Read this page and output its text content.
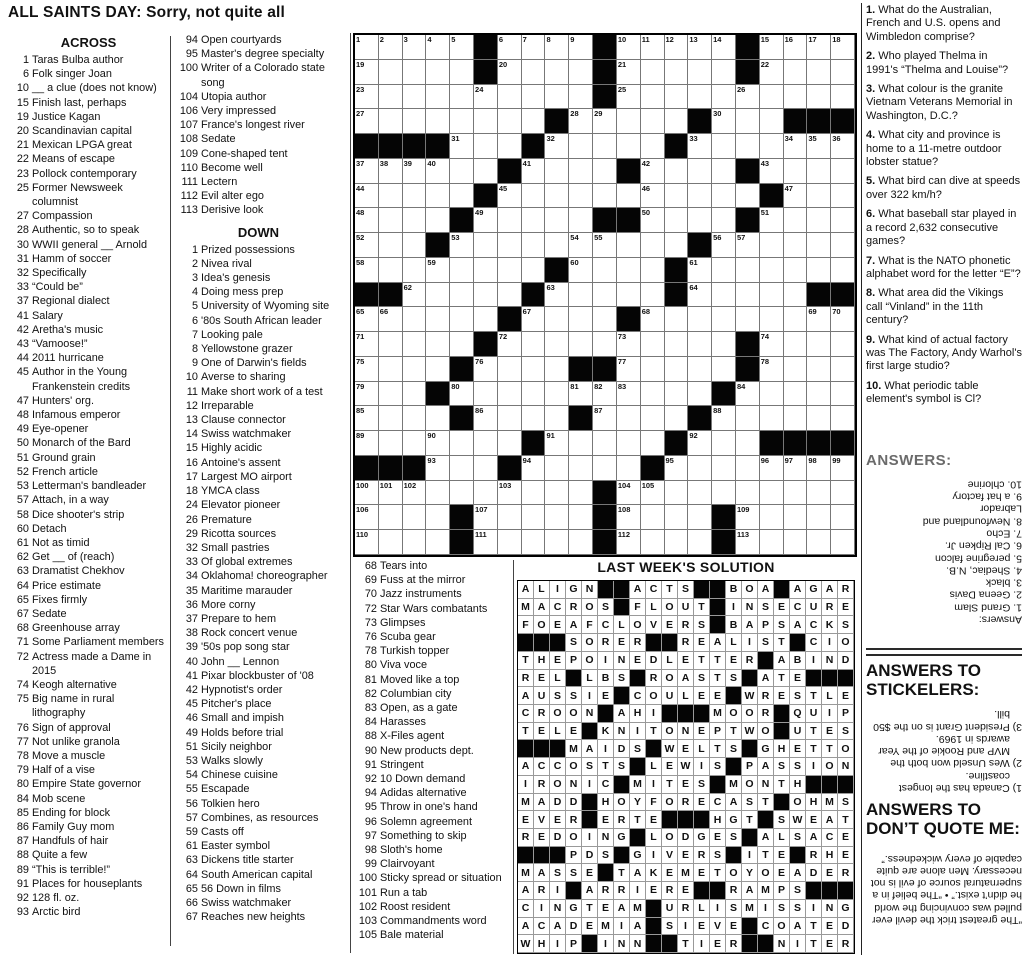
ALL SAINTS DAY: Sorry, not quite all
ACROSS
1 Taras Bulba author
6 Folk singer Joan
10 __ a clue (does not know)
15 Finish last, perhaps
19 Justice Kagan
20 Scandinavian capital
21 Mexican LPGA great
22 Means of escape
23 Pollock contemporary
25 Former Newsweek columnist
27 Compassion
28 Authentic, so to speak
30 WWII general __ Arnold
31 Hamm of soccer
32 Specifically
33 “Could be”
37 Regional dialect
41 Salary
42 Aretha's music
43 “Vamoose!”
44 2011 hurricane
45 Author in the Young Frankenstein credits
47 Hunters' org.
48 Infamous emperor
49 Eye-opener
50 Monarch of the Bard
51 Ground grain
52 French article
53 Letterman's bandleader
57 Attach, in a way
58 Dice shooter's strip
60 Detach
61 Not as timid
62 Get __ of (reach)
63 Dramatist Chekhov
64 Price estimate
65 Fixes firmly
67 Sedate
68 Greenhouse array
71 Some Parliament members
72 Actress made a Dame in 2015
74 Keogh alternative
75 Big name in rural lithography
76 Sign of approval
77 Not unlike granola
78 Move a muscle
79 Half of a vise
80 Empire State governor
84 Mob scene
85 Ending for block
86 Family Guy mom
87 Handfuls of hair
88 Quite a few
89 “This is terrible!”
91 Places for houseplants
92 128 fl. oz.
93 Arctic bird
94 Open courtyards
95 Master's degree specialty
100 Writer of a Colorado state song
104 Utopia author
106 Very impressed
107 France's longest river
108 Sedate
109 Cone-shaped tent
110 Become well
111 Lectern
112 Evil alter ego
113 Derisive look
DOWN
1 Prized possessions
2 Nivea rival
3 Idea's genesis
4 Doing mess prep
5 University of Wyoming site
6 '80s South African leader
7 Looking pale
8 Yellowstone grazer
9 One of Darwin's fields
10 Averse to sharing
11 Make short work of a test
12 Irreparable
13 Clause connector
14 Swiss watchmaker
15 Highly acidic
16 Antoine's assent
17 Largest MO airport
18 YMCA class
24 Elevator pioneer
26 Premature
29 Ricotta sources
32 Small pastries
33 Of global extremes
34 Oklahoma! choreographer
35 Maritime marauder
36 More corny
37 Prepare to hem
38 Rock concert venue
39 '50s pop song star
40 John __ Lennon
41 Pixar blockbuster of '08
42 Hypnotist's order
45 Pitcher's place
46 Small and impish
49 Holds before trial
51 Sicily neighbor
53 Walks slowly
54 Chinese cuisine
55 Escapade
56 Tolkien hero
57 Combines, as resources
59 Casts off
61 Easter symbol
63 Dickens title starter
64 South American capital
65 56 Down in films
66 Swiss watchmaker
67 Reaches new heights
68 Tears into
69 Fuss at the mirror
70 Jazz instruments
72 Star Wars combatants
73 Glimpses
76 Scuba gear
78 Turkish topper
80 Viva voce
81 Moved like a top
82 Columbian city
83 Open, as a gate
84 Harasses
88 X-Files agent
90 New products dept.
91 Stringent
92 10 Down demand
94 Adidas alternative
95 Throw in one's hand
96 Solemn agreement
97 Something to skip
98 Sloth's home
99 Clairvoyant
100 Sticky spread or situation
101 Run a tab
102 Roost resident
103 Commandments word
105 Bale material
1	2	3	4	5	6	7	8	9	10 11 12 13 14	15 16 17 18
19	20	21	22
23	24	25	26
27	28 29	30
31	32	33	34 35 36
37 38 39 40	41	42	43
44	45	46	47
48	49	50	51
52	53	54 55	56 57
58	59	60	61
62	63	64
65 66	67	68	69 70
71	72	73	74
75	76	77	78
79	80	81 82 83	84
85	86	87	88
89	90	91	92
93	94	95	96 97 98 99
100 101 102	103	104 105
106	107	108	109
110	111	112	113
LAST WEEK'S SOLUTION
A L	I G N	A C T S	B O A	A G A R
M A C R O S	F L O U T	I	N S E C U R E
F O E A F C L O V E R S	B A P S A C K S
S O R E R	R E A L	I	S T	C	I O
T H E P O I	N E D L E T T E R	A B	I	N D
R E L	L B S	R O A S T S	A T E
A U S S	I	E	C O U L E E	W R E S T L E
C R O O N	A H	I	M O O R	Q U	I	P
T E L E	K N	I	T O N E P T W O	U T E S
M A	I	D S	W E L T S	G H E T T O
A C C O S T S	L E W I	S	P A S S	I O N
I	R O N	I	C	M I	T E S	M O N T H
M A D D	H O Y F O R E C A S T	O H M S
E V E R	E R T E	H G T	S W E A T
R E D O I	N G	L O D G E S	A L S A C E
P D S	G I	V E R S	I	T E	R H E
M A S S E	T A K E M E T O Y O E A D E R
A R	I	A R R	I	E R E	R A M P S
C	I	N G T E A M	U R L	I	S M I	S S	I	N G
A C A D E M I	A	S	I	E V E	C O A T E D
W H	I	P	I	N N	T	I	E R	N	I	T E R

1. What do the Australian, French and U.S. opens and Wimbledon comprise?

2. Who played Thelma in 1991's “Thelma and Louise”?

3. What colour is the granite Vietnam Veterans Memorial in Washington, D.C.?

4. What city and province is home to a 11-metre outdoor lobster statue?

5. What bird can dive at speeds over 322 km/h?

6. What baseball star played in a record 2,632 consecutive games?

7. What is the NATO phonetic alphabet word for the letter “E”?

8. What area did the Vikings call “Vinland” in the 11th century?

9. What kind of actual factory was The Factory, Andy Warhol's first large studio?

10. What periodic table element's symbol is Cl?

ANSWERS:
Answers:
1. Grand Slam
2. Geena Davis
3. black
4. Shediac, N.B.
5. peregrine falcon
6. Cal Ripken Jr.
7. Echo
8. Newfoundland and
Labrador
9. a hat factory
10. chlorine
ANSWERS TO STICKELERS:
1) Canada has the longest coastline.
2) Wes Unseld won both the MVP and Rookie of the Year awards in 1969.
3) President Grant is on the $50 bill.
ANSWERS TO DON’T QUOTE ME:
“The greatest trick the devil ever pulled was convincing the world he didn’t exist.” • “The belief in a supernatural source of evil is not necessary. Men alone are quite capable of every wickedness.”
